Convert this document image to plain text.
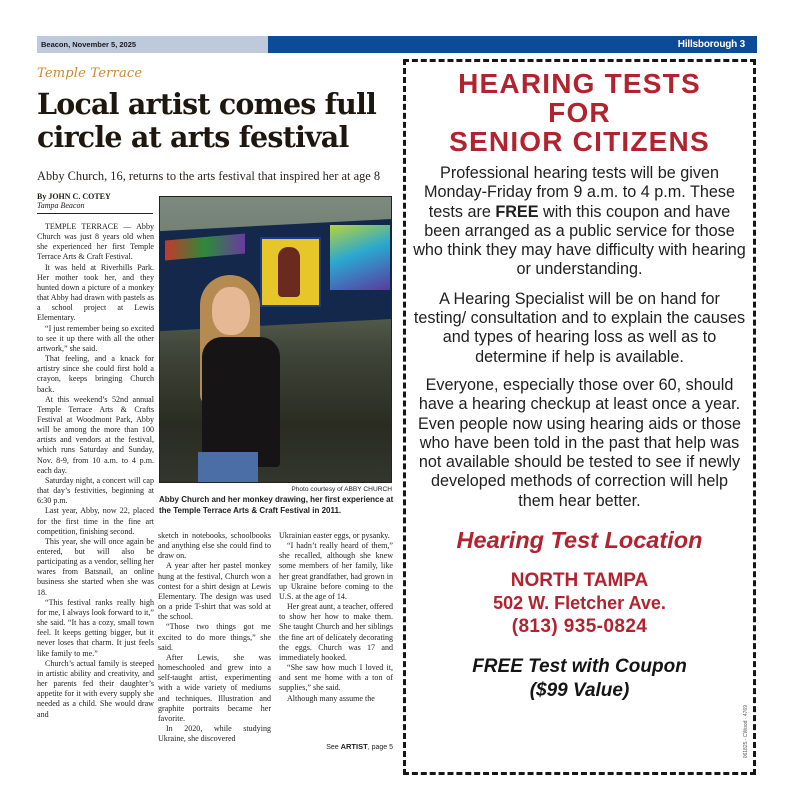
Beacon, November 5, 2025	Hillsborough 3
Temple Terrace
Local artist comes full circle at arts festival
Abby Church, 16, returns to the arts festival that inspired her at age 8
By JOHN C. COTEY
Tampa Beacon

TEMPLE TERRACE — Abby Church was just 8 years old when she experienced her first Temple Terrace Arts & Craft Festival.

It was held at Riverhills Park. Her mother took her, and they hunted down a picture of a monkey that Abby had drawn with pastels as a school project at Lewis Elementary.

“I just remember being so excited to see it up there with all the other artwork,” she said.

That feeling, and a knack for artistry since she could first hold a crayon, keeps bringing Church back.

At this weekend’s 52nd annual Temple Terrace Arts & Crafts Festival at Woodmont Park, Abby will be among the more than 100 artists and vendors at the festival, which runs Saturday and Sunday, Nov. 8-9, from 10 a.m. to 4 p.m. each day.

Saturday night, a concert will cap that day’s festivities, beginning at 6:30 p.m.

Last year, Abby, now 22, placed for the first time in the fine art competition, finishing second.

This year, she will once again be entered, but will also be participating as a vendor, selling her wares from Batsnail, an online business she started when she was 18.

“This festival ranks really high for me, I always look forward to it,” she said. “It has a cozy, small town feel. It keeps getting bigger, but it never loses that charm. It just feels like family to me.”

Church’s actual family is steeped in artistic ability and creativity, and her parents fed their daughter’s appetite for it with every supply she needed as a child. She would draw and

Photo courtesy of ABBY CHURCH
Abby Church and her monkey drawing, her first experience at the Temple Terrace Arts & Craft Festival in 2011.

sketch in notebooks, schoolbooks and anything else she could find to draw on.

A year after her pastel monkey hung at the festival, Church won a contest for a shirt design at Lewis Elementary. The design was used on a pride T-shirt that was sold at the school.

“Those two things got me excited to do more things,” she said.

After Lewis, she was homeschooled and grew into a self-taught artist, experimenting with a wide variety of mediums and techniques. Illustration and graphite portraits became her favorite.

In 2020, while studying Ukraine, she discovered

Ukrainian easter eggs, or pysanky.

“I hadn’t really heard of them,” she recalled, although she knew some members of her family, like her great grandfather, had grown in up Ukraine before coming to the U.S. at the age of 14.

Her great aunt, a teacher, offered to show her how to make them. She taught Church and her siblings the fine art of delicately decorating the eggs. Church was 17 and immediately hooked.

“She saw how much I loved it, and sent me home with a ton of supplies,” she said.

Although many assume the

See ARTIST, page 5
HEARING TESTS
FOR
SENIOR CITIZENS

Professional hearing tests will be given Monday-Friday from 9 a.m. to 4 p.m. These tests are FREE with this coupon and have been arranged as a public service for those who think they may have difficulty with hearing or understanding.

A Hearing Specialist will be on hand for testing/ consultation and to explain the causes and types of hearing loss as well as to determine if help is available.

Everyone, especially those over 60, should have a hearing checkup at least once a year. Even people now using hearing aids or those who have been told in the past that help was not available should be tested to see if newly developed methods of correction will help them hear better.

Hearing Test Location
NORTH TAMPA
502 W. Fletcher Ave.
(813) 935-0824
FREE Test with Coupon
($99 Value)
061825 · CWood · 4769
